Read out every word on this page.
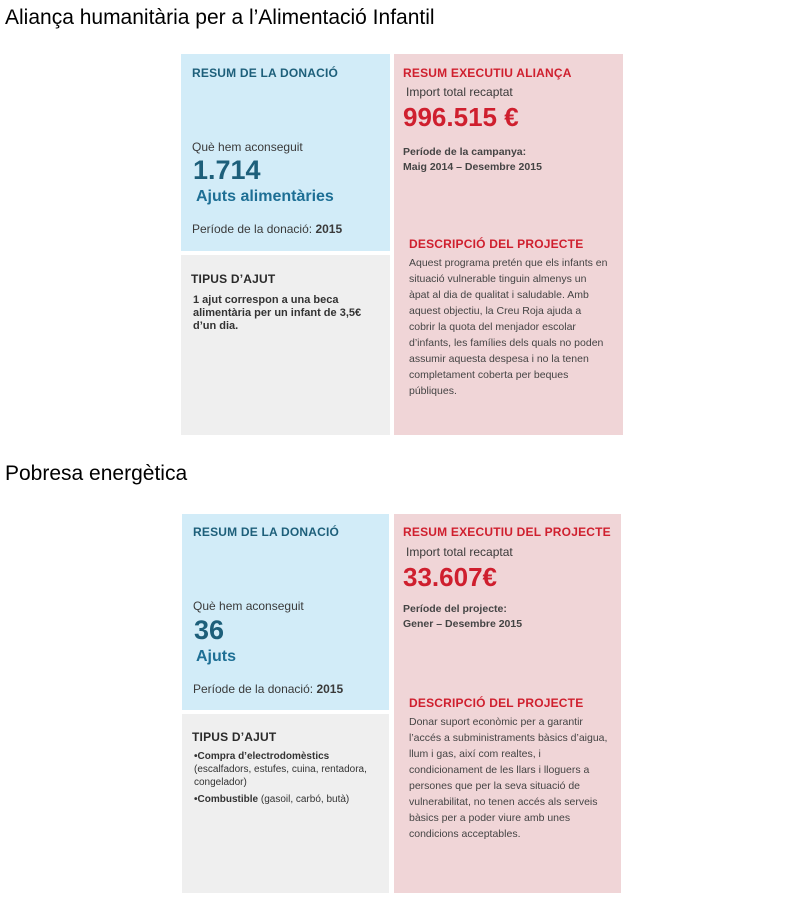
Aliança humanitària per a l’Alimentació Infantil
RESUM DE LA DONACIÓ
Què hem aconseguit
1.714
Ajuts alimentàries
Període de la donació: 2015
TIPUS D’AJUT
1 ajut correspon a una beca alimentària per un infant de 3,5€ d’un dia.
RESUM EXECUTIU ALIANÇA
Import total recaptat
996.515 €
Període de la campanya:
Maig 2014 – Desembre 2015
DESCRIPCIÓ DEL PROJECTE
Aquest programa pretén que els infants en situació vulnerable tinguin almenys un àpat al dia de qualitat i saludable. Amb aquest objectiu, la Creu Roja ajuda a cobrir la quota del menjador escolar d’infants, les famílies dels quals no poden assumir aquesta despesa i no la tenen completament coberta per beques públiques.
Pobresa energètica
RESUM DE LA DONACIÓ
Què hem aconseguit
36
Ajuts
Període de la donació: 2015
TIPUS D’AJUT
•Compra d’electrodomèstics
(escalfadors, estufes, cuina, rentadora, congelador)
•Combustible (gasoil, carbó, butà)
RESUM EXECUTIU DEL PROJECTE
Import total recaptat
33.607€
Període del projecte:
Gener – Desembre 2015
DESCRIPCIÓ DEL PROJECTE
Donar suport econòmic per a garantir l’accés a subministraments bàsics d’aigua, llum i gas, així com realtes, i condicionament de les llars i lloguers a persones que per la seva situació de vulnerabilitat, no tenen accés als serveis bàsics per a poder viure amb unes condicions acceptables.
